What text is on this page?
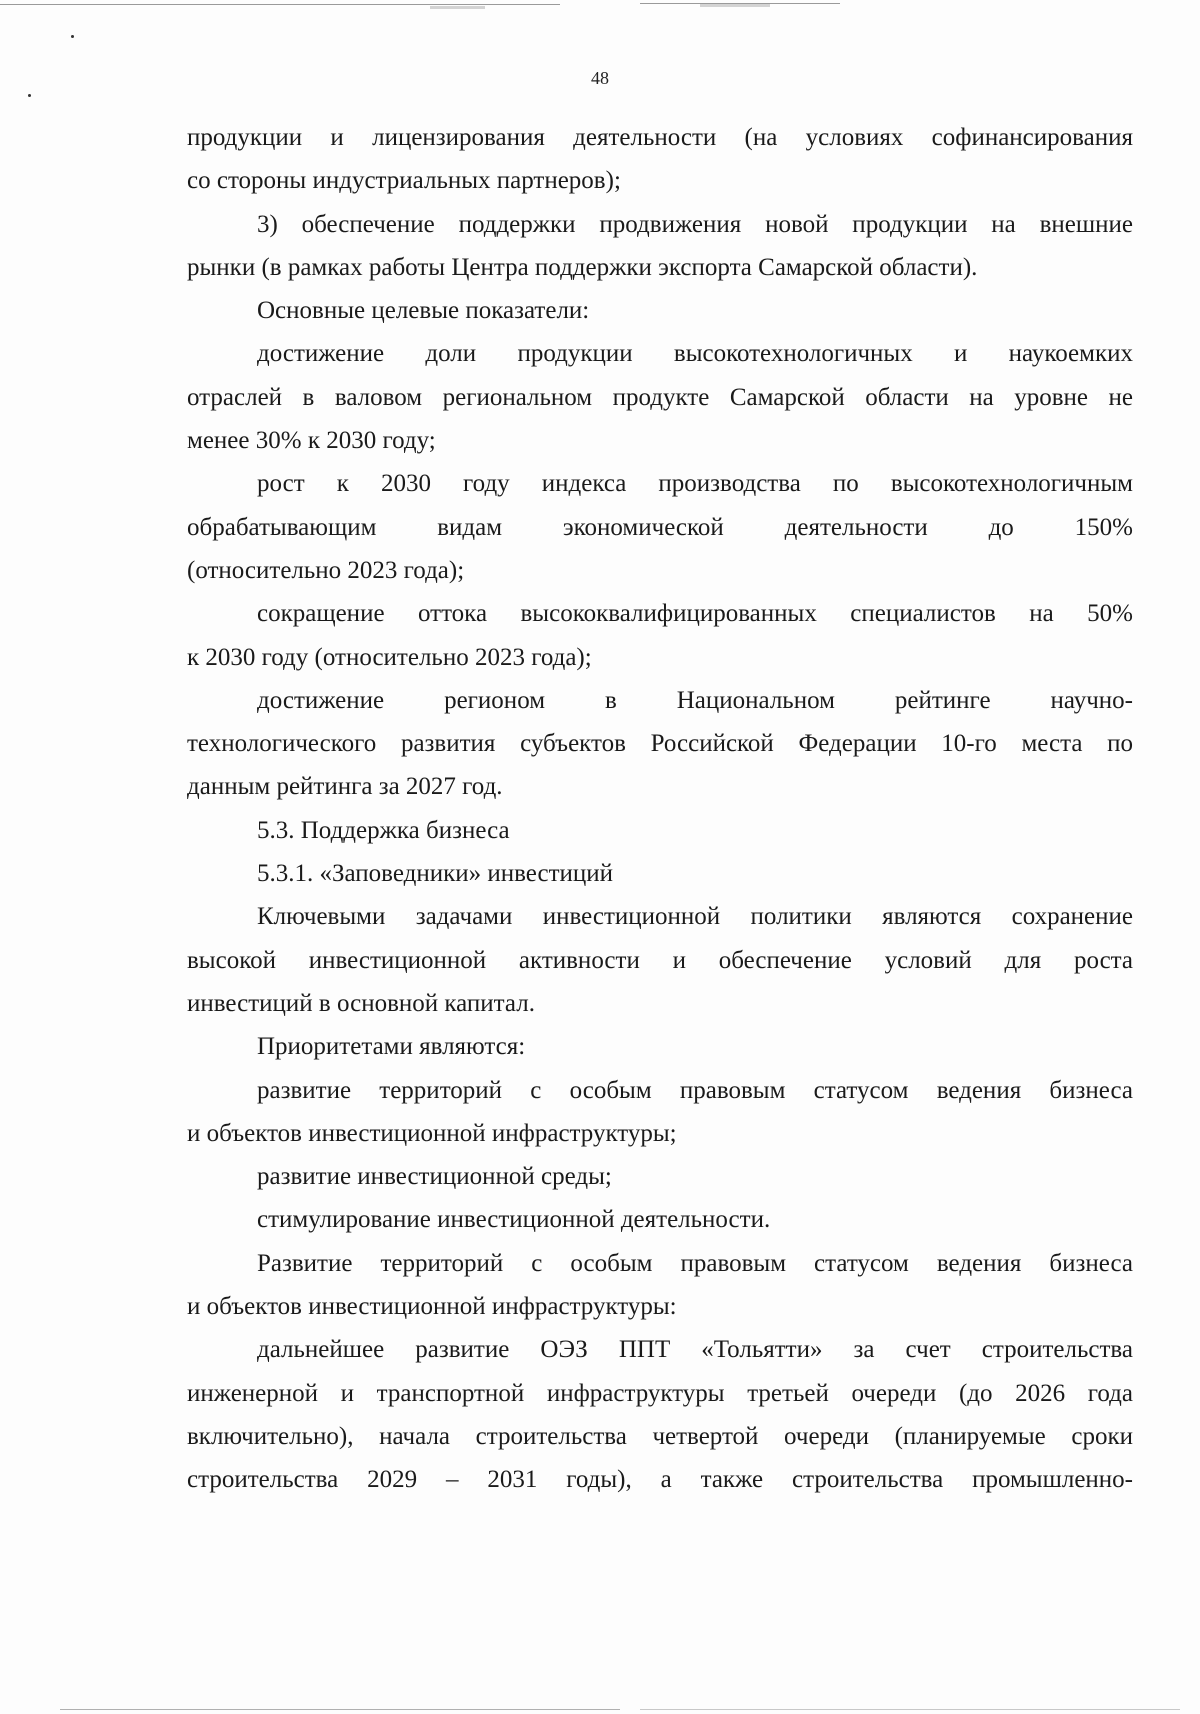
48
продукции и лицензирования деятельности (на условиях софинансирования
со стороны индустриальных партнеров);
3) обеспечение поддержки продвижения новой продукции на внешние
рынки (в рамках работы Центра поддержки экспорта Самарской области).
Основные целевые показатели:
достижение доли продукции высокотехнологичных и наукоемких
отраслей в валовом региональном продукте Самарской области на уровне не
менее 30% к 2030 году;
рост к 2030 году индекса производства по высокотехнологичным
обрабатывающим видам экономической деятельности до 150%
(относительно 2023 года);
сокращение оттока высококвалифицированных специалистов на 50%
к 2030 году (относительно 2023 года);
достижение регионом в Национальном рейтинге научно-
технологического развития субъектов Российской Федерации 10-го места по
данным рейтинга за 2027 год.
5.3. Поддержка бизнеса
5.3.1. «Заповедники» инвестиций
Ключевыми задачами инвестиционной политики являются сохранение
высокой инвестиционной активности и обеспечение условий для роста
инвестиций в основной капитал.
Приоритетами являются:
развитие территорий с особым правовым статусом ведения бизнеса
и объектов инвестиционной инфраструктуры;
развитие инвестиционной среды;
стимулирование инвестиционной деятельности.
Развитие территорий с особым правовым статусом ведения бизнеса
и объектов инвестиционной инфраструктуры:
дальнейшее развитие ОЭЗ ППТ «Тольятти» за счет строительства
инженерной и транспортной инфраструктуры третьей очереди (до 2026 года
включительно), начала строительства четвертой очереди (планируемые сроки
строительства 2029 – 2031 годы), а также строительства промышленно-
